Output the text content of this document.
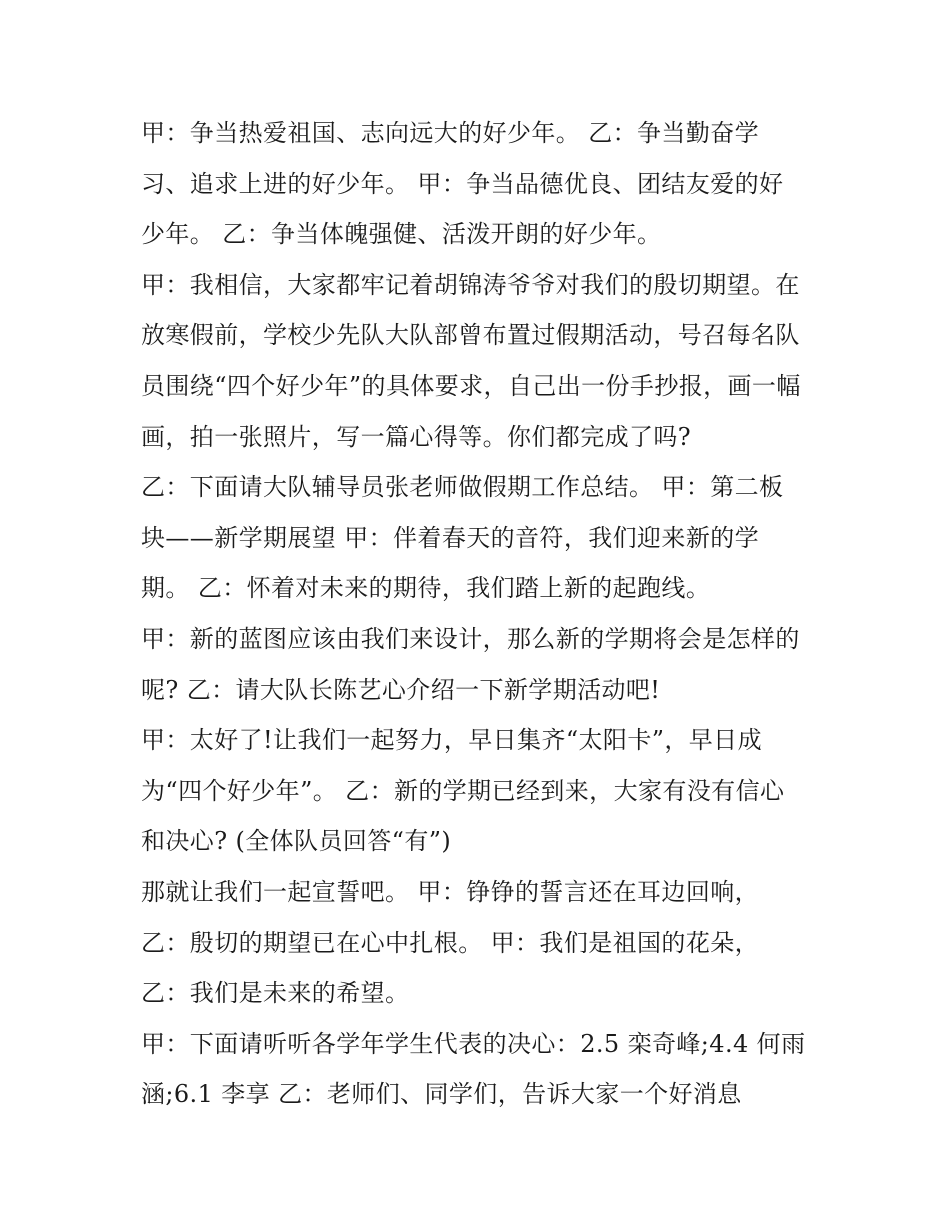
甲：争当热爱祖国、志向远大的好少年。 乙：争当勤奋学
习、追求上进的好少年。 甲：争当品德优良、团结友爱的好
少年。 乙：争当体魄强健、活泼开朗的好少年。
甲：我相信，大家都牢记着胡锦涛爷爷对我们的殷切期望。在
放寒假前，学校少先队大队部曾布置过假期活动，号召每名队
员围绕“四个好少年”的具体要求，自己出一份手抄报，画一幅
画，拍一张照片，写一篇心得等。你们都完成了吗?
乙：下面请大队辅导员张老师做假期工作总结。 甲：第二板
块——新学期展望 甲：伴着春天的音符，我们迎来新的学
期。 乙：怀着对未来的期待，我们踏上新的起跑线。
甲：新的蓝图应该由我们来设计，那么新的学期将会是怎样的
呢? 乙：请大队长陈艺心介绍一下新学期活动吧!
甲：太好了!让我们一起努力，早日集齐“太阳卡”，早日成
为“四个好少年”。 乙：新的学期已经到来，大家有没有信心
和决心? (全体队员回答“有”)
那就让我们一起宣誓吧。 甲：铮铮的誓言还在耳边回响，
乙：殷切的期望已在心中扎根。 甲：我们是祖国的花朵，
乙：我们是未来的希望。
甲：下面请听听各学年学生代表的决心：2.5 栾奇峰;4.4 何雨
涵;6.1 李享 乙：老师们、同学们，告诉大家一个好消息
